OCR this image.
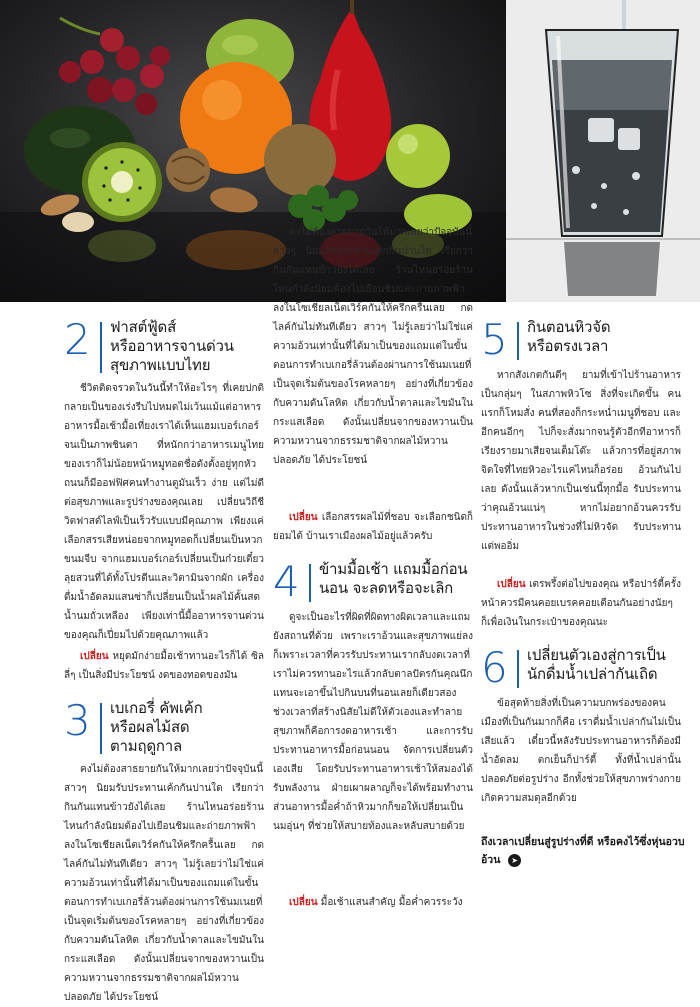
2	ฟาสต์ฟู้ดส์
หรืออาหารจานด่วน
สุขภาพแบบไทย

ชีวิตติดจรวดในวันนี้ทำให้อะไรๆ ที่เคยปกติกลายเป็นของเร่งรีบไปหมดไม่เว้นแม้แต่อาหาร อาหารมื้อเช้ามื้อเที่ยงเราได้เห็นแฮมเบอร์เกอร์จนเป็นภาพชินตา ที่หนักกว่าอาหารเมนูไทยของเราก็ไม่น้อยหน้าหมูทอดชื่อดังตั้งอยู่ทุกหัวถนนก็มีออฟฟิศคนทำงานตูมันเร็ว ง่าย แต่ไม่ดีต่อสุขภาพและรูปร่างของคุณเลย เปลี่ยนวิถีชีวิตฟาสต์ไลฟ์เป็นเร็วรับแบบมีคุณภาพ เพียงแค่เลือกสรรเสียหน่อยจากหมูทอดก็เปลี่ยนเป็นหวกขนมจีบ จากแฮมเบอร์เกอร์เปลี่ยนเป็นก๋วยเตี๋ยวลุยสวนที่ได้ทั้งโปรตีนและวิตามินจากผัก เครื่องดื่มน้ำอัดลมแสนซ่าก็เปลี่ยนเป็นน้ำผลไม้คั้นสดน้ำนมถั่วเหลือง เพียงเท่านี้มื้ออาหารจานด่วนของคุณก็เปี่ยมไปด้วยคุณภาพแล้ว

เปลี่ยน หยุดมักง่ายมื้อเช้าทานอะไรก็ได้ ซิลลี่ๆ เป็นสิ่งมีประโยชน์ งดของทอดของมัน

3	เบเกอรี่ คัพเค้ก
หรือผลไม้สด
ตามฤดูกาล

คงไม่ต้องสาธยายกันให้มากเลยว่าปัจจุบันนี้สาวๆ นิยมรับประทานเค้กกันปานใด เรียกว่ากินกันแทนข้าวยังได้เลย ร้านไหนอร่อยร้านไหนกำลังนิยมต้องไปเยือนชิมและถ่ายภาพฟ้า ลงในโซเชียลเน็ตเวิร์คกันให้ครึกครื้นเลย กดไลค์กันไม่ทันทีเดียว สาวๆ ไม่รู้เลยว่าไม่ใช่แค่ความอ้วนเท่านั้นที่ได้มาเป็นของแถมแต่ในขั้นตอนการทำเบเกอรี่ล้วนต้องผ่านการใช้นมเนยที่เป็นจุดเริ่มต้นของโรคหลายๆ อย่างที่เกี่ยวข้องกับความดันโลหิต เกี่ยวกับน้ำตาลและไขมันในกระแสเลือด ดังนั้นเปลี่ยนจากของหวานเป็นความหวานจากธรรมชาติจากผลไม้หวานปลอดภัย ได้ประโยชน์

คงไม่ต้องสาธยายกันให้มากเลยว่าปัจจุบันนี้สาวๆ นิยมรับประทานเค้กกันปานใด เรียกว่ากินกันแทนข้าวยังได้เลย ร้านไหนอร่อยร้านไหนกำลังนิยมต้องไปเยือนชิมและถ่ายภาพฟ้า ลงในโซเชียลเน็ตเวิร์คกันให้ครึกครื้นเลย กดไลค์กันไม่ทันทีเดียว สาวๆ ไม่รู้เลยว่าไม่ใช่แค่ความอ้วนเท่านั้นที่ได้มาเป็นของแถมแต่ในขั้นตอนการทำเบเกอรี่ล้วนต้องผ่านการใช้นมเนยที่เป็นจุดเริ่มต้นของโรคหลายๆ อย่างที่เกี่ยวข้องกับความดันโลหิต เกี่ยวกับน้ำตาลและไขมันในกระแสเลือด ดังนั้นเปลี่ยนจากของหวานเป็นความหวานจากธรรมชาติจากผลไม้หวานปลอดภัย ได้ประโยชน์

เปลี่ยน เลือกสรรผลไม้ที่ชอบ จะเลือกชนิดก็ยอมได้ บ้านเราเมืองผลไม้อยู่แล้วครับ

4	ข้ามมื้อเช้า แถมมื้อก่อน
นอน จะลดหรือจะเลิก

ดูจะเป็นอะไรที่ผิดที่ผิดทางผิดเวลาและแถมยังสถานที่ด้วย เพราะเราอ้วนและสุขภาพแย่ลงก็เพราะเวลาที่ควรรับประทานเรากลับงดเวลาที่เราไม่ควรทานอะไรแล้วกลับตาลปัตรกันคุณนึกแทนจะเอาขึ้นไปกินบนที่นอนเลยก็เดียวสองช่วงเวลาที่สร้างนิสัยไม่ดีให้ตัวเองและทำลายสุขภาพก็คือการงดอาหารเช้า และการรับประทานอาหารมื้อก่อนนอน จัดการเปลี่ยนตัวเองเสีย โดยรับประทานอาหารเช้าให้สมองได้รับพลังงาน ฝ่ายเผาผลาญก็จะได้พร้อมทำงาน ส่วนอาหารมื้อค่ำถ้าหิวมากก็ขอให้เปลี่ยนเป็นนมอุ่นๆ ที่ช่วยให้สบายท้องและหลับสบายด้วย

เปลี่ยน มื้อเช้าแสนสำคัญ มื้อค่ำควรระวัง

5	กินตอนหิวจัด
หรือตรงเวลา

หากสังเกตกันดีๆ ยามที่เข้าไปร้านอาหารเป็นกลุ่มๆ ในสภาพหิวโซ สิ่งที่จะเกิดขึ้น คนแรกก็โหมสั่ง คนที่สองก็กระหน่ำเมนูที่ชอบ และอีกคนอีกๆ ไปก็จะสั่งมากจนรู้ตัวอีกทีอาหารก็เรียงรายมาเสียจนเต็มโต๊ะ แล้วการที่อยู่สภาพจิตใจที่ไทยหิวอะไรแค่ไหนก็อร่อย อ้วนกันไปเลย ดังนั้นแล้วหากเป็นเช่นนี้ทุกมื้อ รับประทานว่าคุณอ้วนแน่ๆ หากไม่อยากอ้วนควรรับประทานอาหารในช่วงที่ไม่หิวจัด รับประทานแต่พออิ่ม

เปลี่ยน เตรพรึ้งต่อไปของคุณ หรือปาร์ตี้ครั้งหน้าควรมีคนคอยเบรคคอยเตือนกันอย่างนัยๆ ก็เพื่อเงินในกระเป๋าของคุณนะ

6	เปลี่ยนตัวเองสู่การเป็น
นักดื่มน้ำเปล่ากันเถิด

ข้อสุดท้ายสิ่งที่เป็นความบกพร่องของคนเมืองที่เป็นกันมากก็คือ เราดื่มน้ำเปล่ากันไม่เป็นเสียแล้ว เดี๋ยวนี้หลังรับประทานอาหารก็ต้องมีน้ำอัดลม ตกเย็นก็ปาร์ตี้ ทั้งที่น้ำเปล่านั้นปลอดภัยต่อรูปร่าง อีกทั้งช่วยให้สุขภาพร่างกายเกิดความสมดุลอีกด้วย

ถึงเวลาเปลี่ยนสู่รูปร่างที่ดี หรือคงไว้ซึ่งหุ่นอวบอ้วน ➤
